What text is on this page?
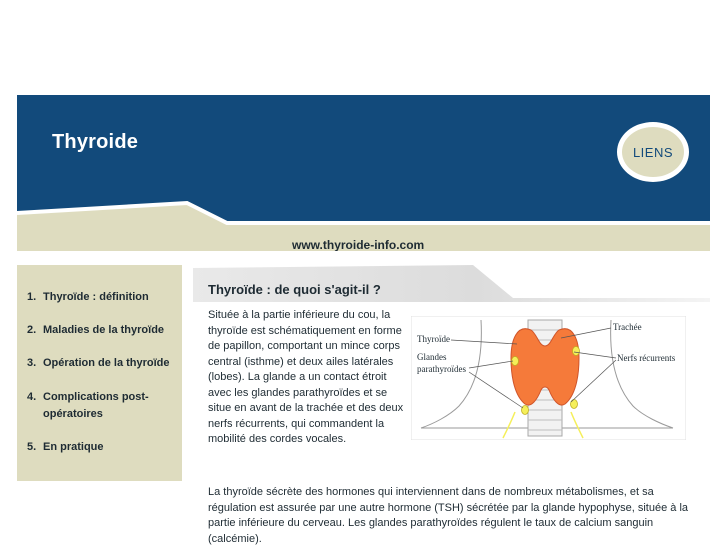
Thyroide	LIENS
www.thyroide-info.com
1. Thyroïde : définition
2. Maladies de la thyroïde
3. Opération de la thyroïde
4. Complications post-opératoires
5. En pratique
Thyroïde : de quoi s'agit-il ?

Située à la partie inférieure du cou, la thyroïde est schématiquement en forme de papillon, comportant un mince corps central (isthme) et deux ailes latérales (lobes). La glande a un contact étroit avec les glandes parathyroïdes et se situe en avant de la trachée et des deux nerfs récurrents, qui commandent la mobilité des cordes vocales.

Thyroïde
Glandes
parathyroïdes
Trachée
Nerfs récurrents

La thyroïde sécrète des hormones qui interviennent dans de nombreux métabolismes, et sa régulation est assurée par une autre hormone (TSH) sécrétée par la glande hypophyse, située à la partie inférieure du cerveau. Les glandes parathyroïdes régulent le taux de calcium sanguin (calcémie).
